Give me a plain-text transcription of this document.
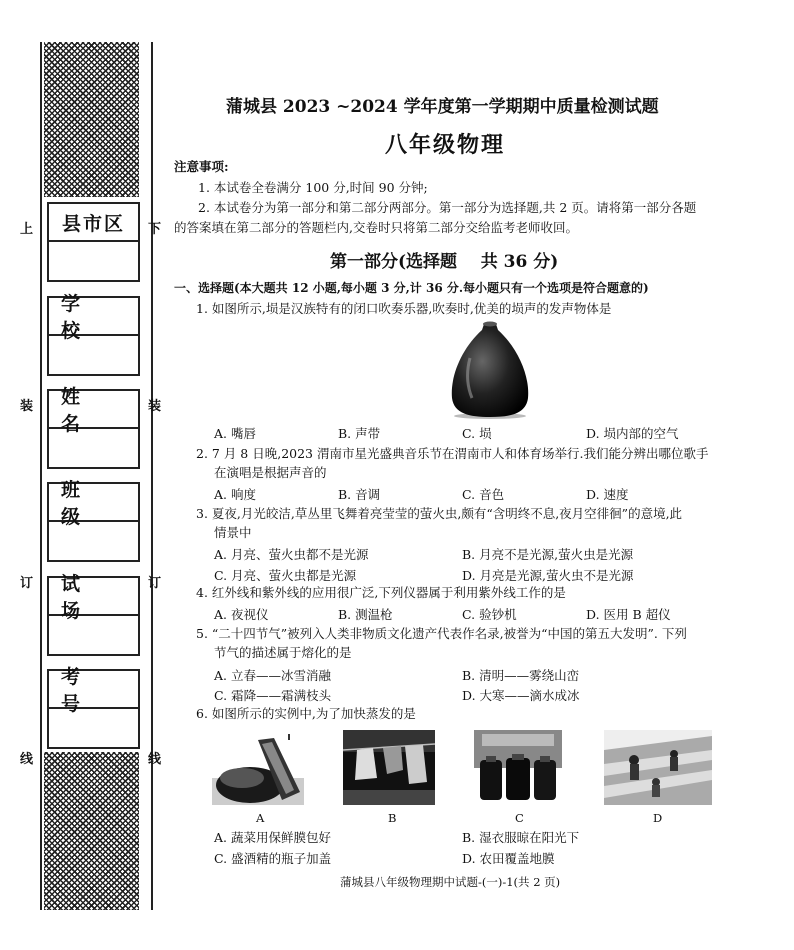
上	下
装	装
订	订
线	线
县市区
学 校
姓 名
班 级
试 场
考 号
蒲城县 2023 ~2024 学年度第一学期期中质量检测试题
八年级物理
注意事项:
1. 本试卷全卷满分 100 分,时间 90 分钟;
2. 本试卷分为第一部分和第二部分两部分。第一部分为选择题,共 2 页。请将第一部分各题
的答案填在第二部分的答题栏内,交卷时只将第二部分交给监考老师收回。
第一部分(选择题    共 36 分)
一、选择题(本大题共 12 小题,每小题 3 分,计 36 分.每小题只有一个选项是符合题意的)
1. 如图所示,埙是汉族特有的闭口吹奏乐器,吹奏时,优美的埙声的发声物体是
A. 嘴唇	B. 声带	C. 埙	D. 埙内部的空气
2. 7 月 8 日晚,2023 渭南市星光盛典音乐节在渭南市人和体育场举行.我们能分辨出哪位歌手
在演唱是根据声音的
A. 响度	B. 音调	C. 音色	D. 速度
3. 夏夜,月光皎洁,草丛里飞舞着亮莹莹的萤火虫,颇有“含明终不息,夜月空徘徊”的意境,此
情景中
A. 月亮、萤火虫都不是光源	B. 月亮不是光源,萤火虫是光源
C. 月亮、萤火虫都是光源	D. 月亮是光源,萤火虫不是光源
4. 红外线和紫外线的应用很广泛,下列仪器属于利用紫外线工作的是
A. 夜视仪	B. 测温枪	C. 验钞机	D. 医用 B 超仪
5. “二十四节气”被列入人类非物质文化遗产代表作名录,被誉为“中国的第五大发明”. 下列
节气的描述属于熔化的是
A. 立春——冰雪消融	B. 清明——雾绕山峦
C. 霜降——霜满枝头	D. 大寒——滴水成冰
6. 如图所示的实例中,为了加快蒸发的是
A	B	C	D
A. 蔬菜用保鲜膜包好	B. 湿衣服晾在阳光下
C. 盛酒精的瓶子加盖	D. 农田覆盖地膜
蒲城县八年级物理期中试题-(一)-1(共 2 页)
